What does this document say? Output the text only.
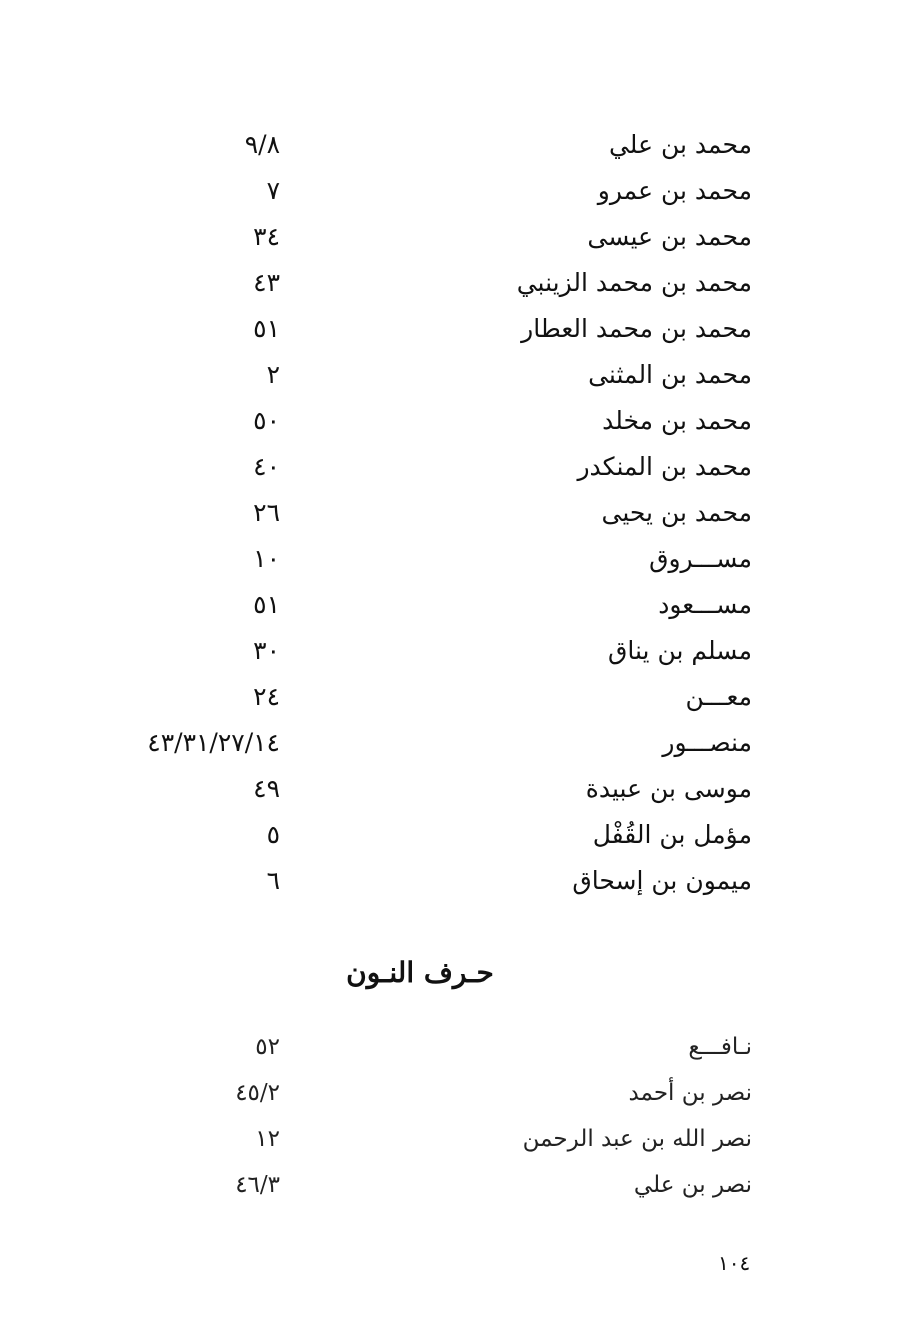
محمد بن علي
٩/٨
محمد بن عمرو
٧
محمد بن عيسى
٣٤
محمد بن محمد الزينبي
٤٣
محمد بن محمد العطار
٥١
محمد بن المثنى
٢
محمد بن مخلد
٥٠
محمد بن المنكدر
٤٠
محمد بن يحيى
٢٦
مســـروق
١٠
مســـعود
٥١
مسلم بن يناق
٣٠
معـــن
٢٤
منصـــور
٤٣/٣١/٢٧/١٤
موسى بن عبيدة
٤٩
مؤمل بن القُفْل
٥
ميمون بن إسحاق
٦
حـرف النـون
نـافـــع
٥٢
نصر بن أحمد
٤٥/٢
نصر الله بن عبد الرحمن
١٢
نصر بن علي
٤٦/٣
١٠٤
